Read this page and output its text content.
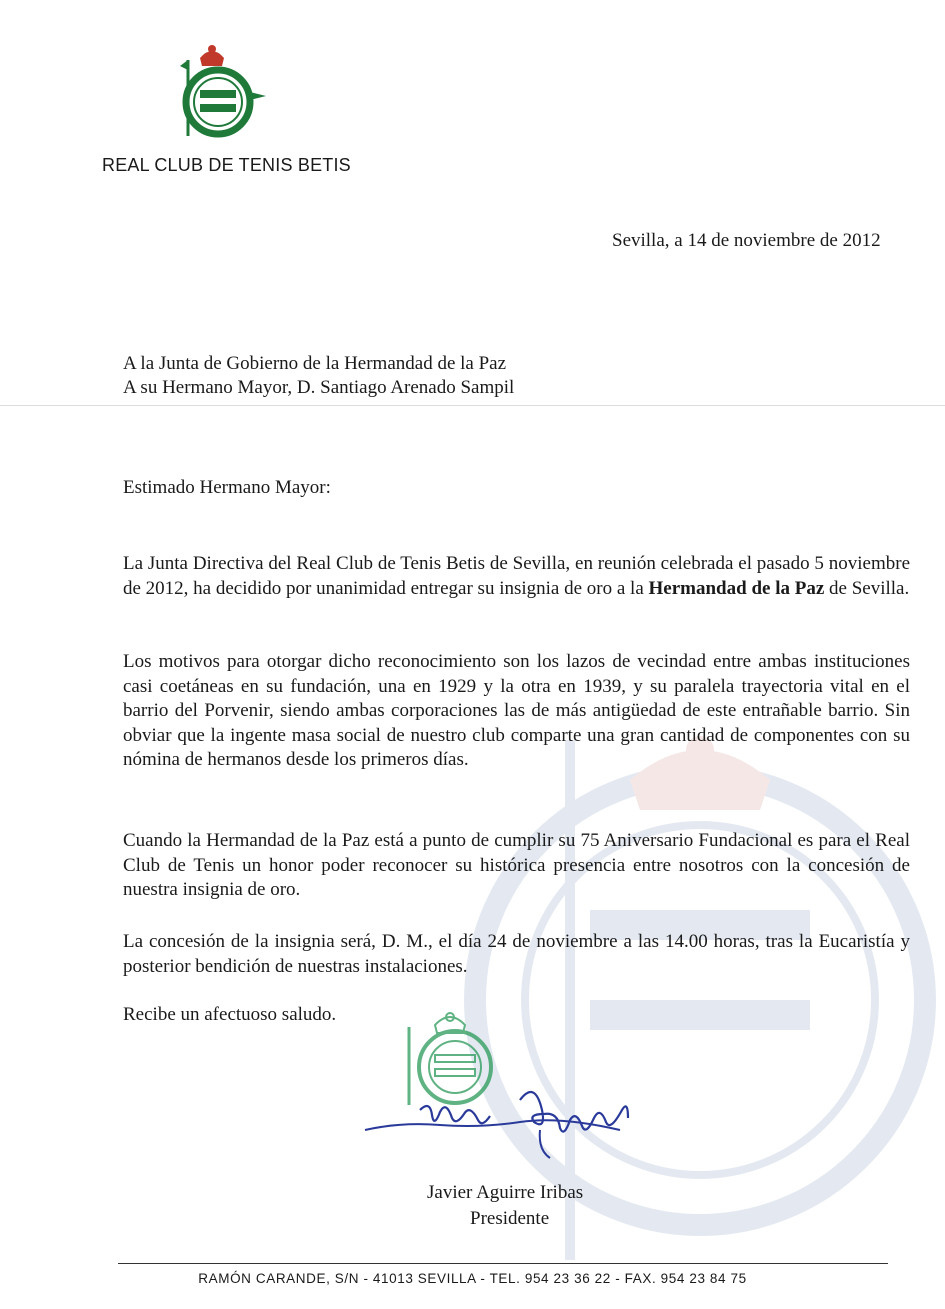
REAL CLUB DE TENIS BETIS
Sevilla, a 14 de noviembre de 2012
A la Junta de Gobierno de la Hermandad de la Paz
A su Hermano Mayor, D. Santiago Arenado Sampil
Estimado Hermano Mayor:
La Junta Directiva del Real Club de Tenis Betis de Sevilla, en reunión celebrada el pasado 5 noviembre de 2012, ha decidido por unanimidad entregar su insignia de oro a la Hermandad de la Paz de Sevilla.
Los motivos para otorgar dicho reconocimiento son los lazos de vecindad entre ambas instituciones casi coetáneas en su fundación, una en 1929 y la otra en 1939, y su paralela trayectoria vital en el barrio del Porvenir, siendo ambas corporaciones las de más antigüedad de este entrañable barrio. Sin obviar que la ingente masa social de nuestro club comparte una gran cantidad de componentes con su nómina de hermanos desde los primeros días.
Cuando la Hermandad de la Paz está a punto de cumplir su 75 Aniversario Fundacional es para el Real Club de Tenis un honor poder reconocer su histórica presencia entre nosotros con la concesión de nuestra insignia de oro.
La concesión de la insignia será, D. M., el día 24 de noviembre a las 14.00 horas, tras la Eucaristía y posterior bendición de nuestras instalaciones.
Recibe un afectuoso saludo.
Javier Aguirre Iribas
Presidente
RAMÓN CARANDE, S/N - 41013 SEVILLA - TEL. 954 23 36 22 - FAX. 954 23 84 75
